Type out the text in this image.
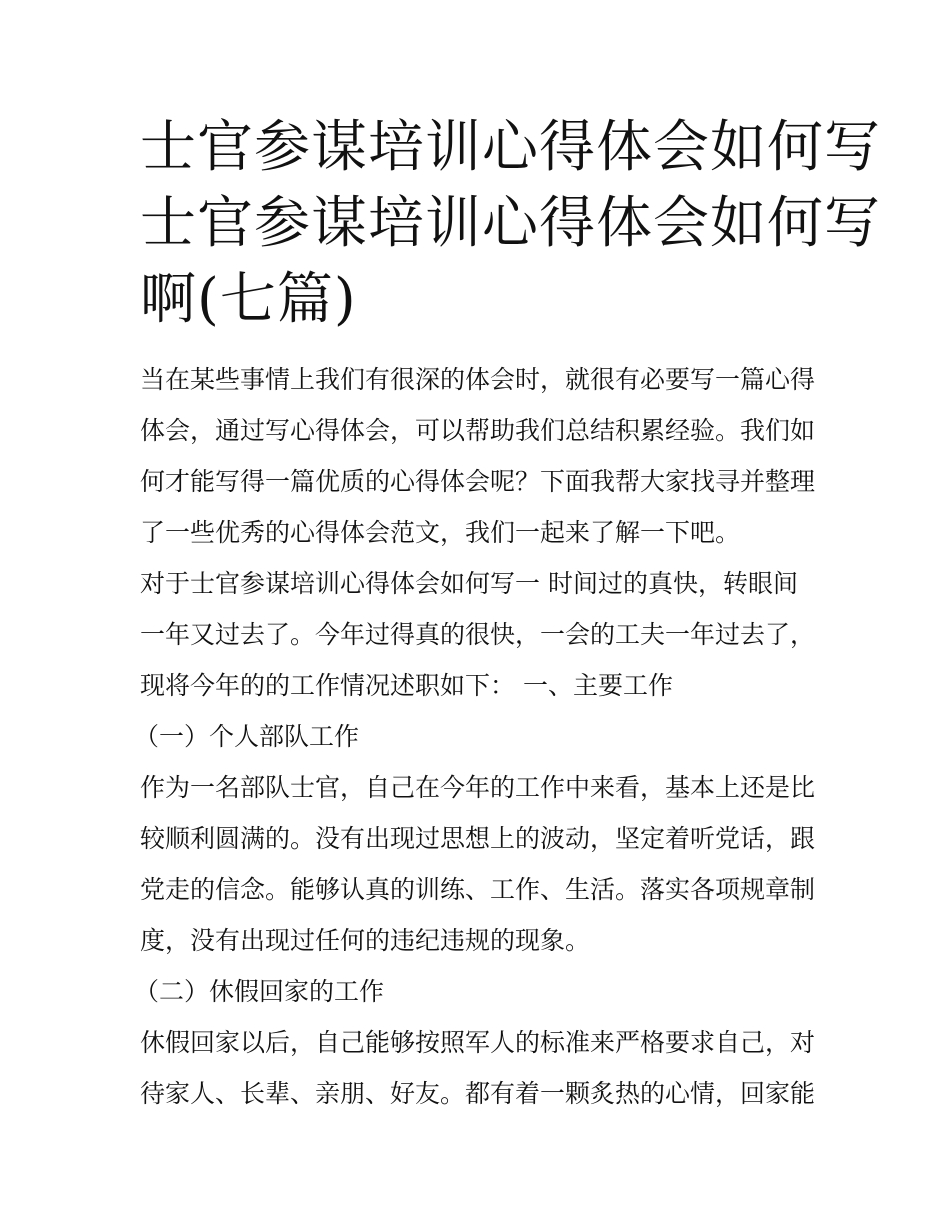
士官参谋培训心得体会如何写
士官参谋培训心得体会如何写
啊(七篇)
当在某些事情上我们有很深的体会时，就很有必要写一篇心得
体会，通过写心得体会，可以帮助我们总结积累经验。我们如
何才能写得一篇优质的心得体会呢？下面我帮大家找寻并整理
了一些优秀的心得体会范文，我们一起来了解一下吧。
对于士官参谋培训心得体会如何写一 时间过的真快，转眼间
一年又过去了。今年过得真的很快，一会的工夫一年过去了，
现将今年的的工作情况述职如下： 一、主要工作
（一）个人部队工作
作为一名部队士官，自己在今年的工作中来看，基本上还是比
较顺利圆满的。没有出现过思想上的波动，坚定着听党话，跟
党走的信念。能够认真的训练、工作、生活。落实各项规章制
度，没有出现过任何的违纪违规的现象。
（二）休假回家的工作
休假回家以后，自己能够按照军人的标准来严格要求自己，对
待家人、长辈、亲朋、好友。都有着一颗炙热的心情，回家能
